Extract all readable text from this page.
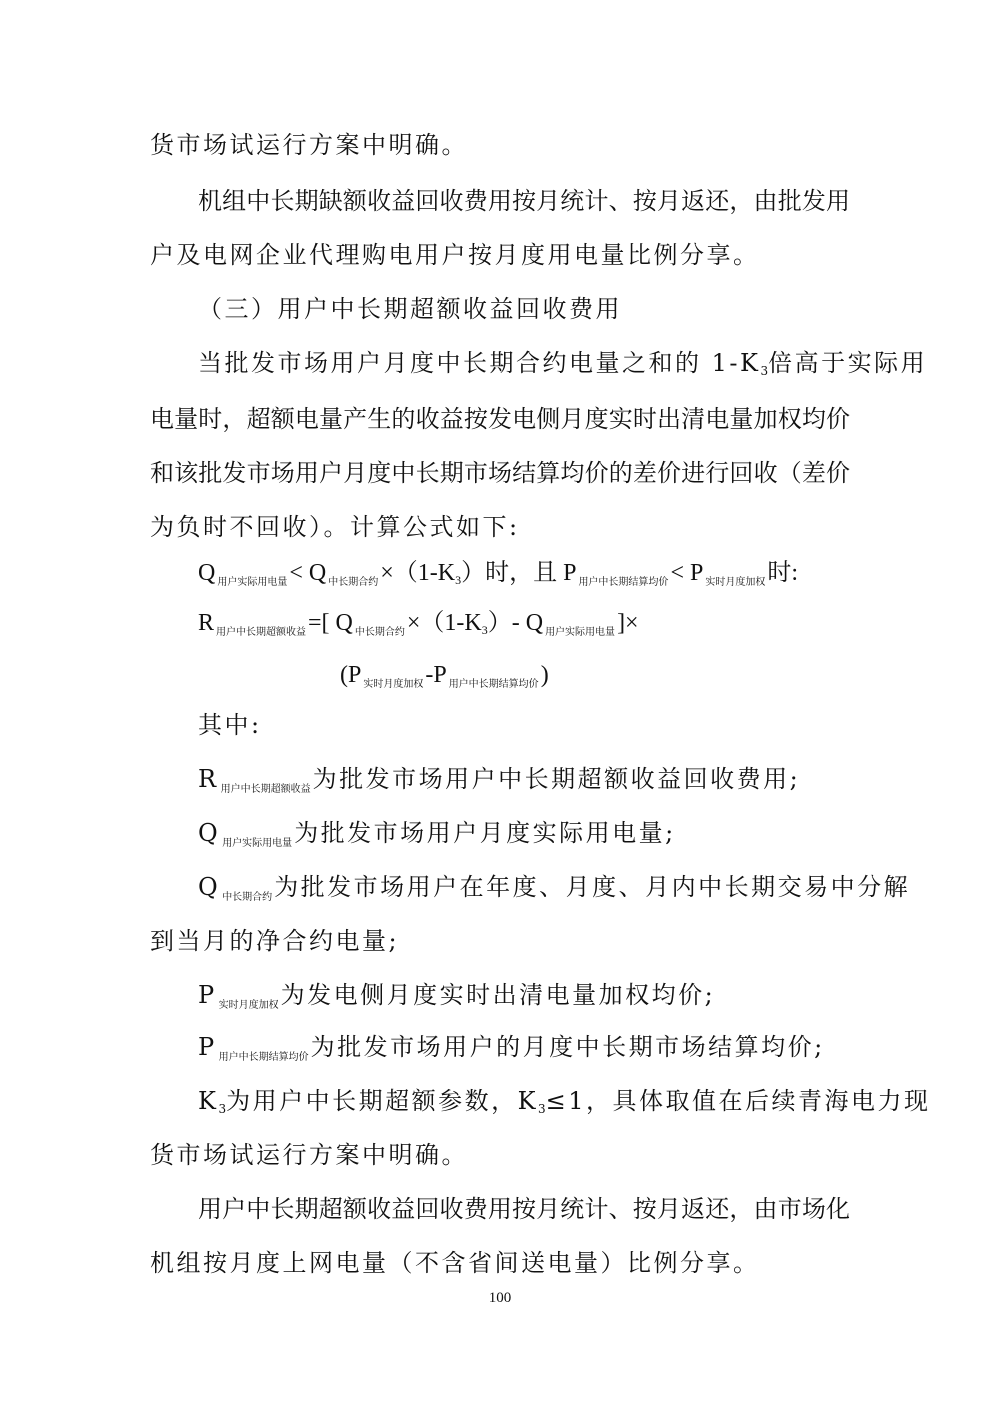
货市场试运行方案中明确。
机组中长期缺额收益回收费用按月统计、按月返还，由批发用
户及电网企业代理购电用户按月度用电量比例分享。
（三）用户中长期超额收益回收费用
当批发市场用户月度中长期合约电量之和的 1-K3倍高于实际用
电量时，超额电量产生的收益按发电侧月度实时出清电量加权均价
和该批发市场用户月度中长期市场结算均价的差价进行回收（差价
为负时不回收）。计算公式如下:
Q $_{用户实际用电量}$< Q $_{中长期合约}$×（1-K3）时，且 P $_{用户中长期结算均价}$< P $_{实时月度加权}$时:
R $_{用户中长期超额收益}$=[ Q $_{中长期合约}$×（1-K3）- Q $_{用户实际用电量}$]×
(P $_{实时月度加权}$-P $_{用户中长期结算均价}$)
其中:
R $_{用户中长期超额收益}$为批发市场用户中长期超额收益回收费用;
Q $_{用户实际用电量}$为批发市场用户月度实际用电量;
Q $_{中长期合约}$为批发市场用户在年度、月度、月内中长期交易中分解
到当月的净合约电量;
P $_{实时月度加权}$为发电侧月度实时出清电量加权均价;
P $_{用户中长期结算均价}$为批发市场用户的月度中长期市场结算均价;
K3为用户中长期超额参数，K3≤1，具体取值在后续青海电力现
货市场试运行方案中明确。
用户中长期超额收益回收费用按月统计、按月返还，由市场化
机组按月度上网电量（不含省间送电量）比例分享。
100
